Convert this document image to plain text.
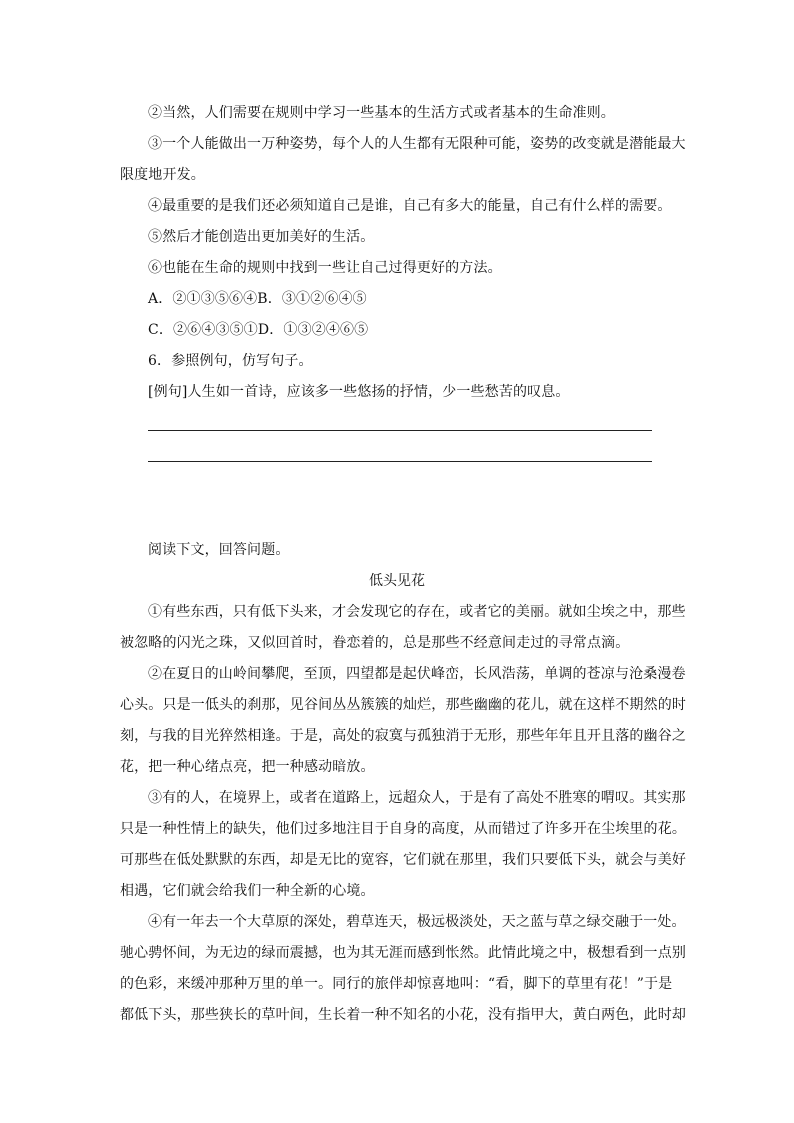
②当然，人们需要在规则中学习一些基本的生活方式或者基本的生命准则。
③一个人能做出一万种姿势，每个人的人生都有无限种可能，姿势的改变就是潜能最大
限度地开发。
④最重要的是我们还必须知道自己是谁，自己有多大的能量，自己有什么样的需要。
⑤然后才能创造出更加美好的生活。
⑥也能在生命的规则中找到一些让自己过得更好的方法。
A．②①③⑤⑥④B．③①②⑥④⑤
C．②⑥④③⑤①D．①③②④⑥⑤
6．参照例句，仿写句子。
[例句]人生如一首诗，应该多一些悠扬的抒情，少一些愁苦的叹息。
阅读下文，回答问题。
低头见花
①有些东西，只有低下头来，才会发现它的存在，或者它的美丽。就如尘埃之中，那些
被忽略的闪光之珠，又似回首时，眷恋着的，总是那些不经意间走过的寻常点滴。
②在夏日的山岭间攀爬，至顶，四望都是起伏峰峦，长风浩荡，单调的苍凉与沧桑漫卷
心头。只是一低头的刹那，见谷间丛丛簇簇的灿烂，那些幽幽的花儿，就在这样不期然的时
刻，与我的目光猝然相逢。于是，高处的寂寞与孤独消于无形，那些年年且开且落的幽谷之
花，把一种心绪点亮，把一种感动暗放。
③有的人，在境界上，或者在道路上，远超众人，于是有了高处不胜寒的喟叹。其实那
只是一种性情上的缺失，他们过多地注目于自身的高度，从而错过了许多开在尘埃里的花。
可那些在低处默默的东西，却是无比的宽容，它们就在那里，我们只要低下头，就会与美好
相遇，它们就会给我们一种全新的心境。
④有一年去一个大草原的深处，碧草连天，极远极淡处，天之蓝与草之绿交融于一处。
驰心骋怀间，为无边的绿而震撼，也为其无涯而感到怅然。此情此境之中，极想看到一点别
的色彩，来缓冲那种万里的单一。同行的旅伴却惊喜地叫：“看，脚下的草里有花！”于是
都低下头，那些狭长的草叶间，生长着一种不知名的小花，没有指甲大，黄白两色，此时却
